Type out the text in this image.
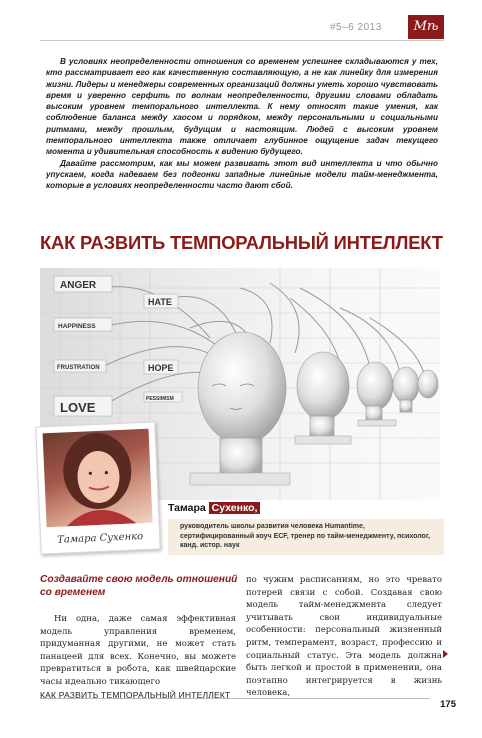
#5–6 2013	Мѣ

В условиях неопределенности отношения со временем успешнее складываются у тех, кто рассматривает его как качественную составляющую, а не как линейку для измерения жизни. Лидеры и менеджеры современных организаций должны уметь хорошо чувствовать время и уверенно серфить по волнам неопределенности, другими словами обладать высоким уровнем темпорального интеллекта. К нему относят такие умения, как соблюдение баланса между хаосом и порядком, между персональными и социальными ритмами, между прошлым, будущим и настоящим. Людей с высоким уровнем темпорального интеллекта также отличает глубинное ощущение задач текущего момента и удивительная способность к видению будущего.

Давайте рассмотрим, как мы можем развивать этот вид интеллекта и что обычно упускаем, когда надеваем без подгонки западные линейные модели тайм-менеджмента, которые в условиях неопределенности часто дают сбой.

КАК РАЗВИТЬ ТЕМПОРАЛЬНЫЙ ИНТЕЛЛЕКТ
ANGER
HAPPINESS
FRUSTRATION
LOVE
HATE
HOPE
PESSIMISM
Тамара Сухенко
Тамара Сухенко,
руководитель школы развития человека Humantime, сертифицированный коуч ECF, тренер по тайм-менеджменту, психолог, канд. истор. наук
Создавайте свою модель отношений со временем
Ни одна, даже самая эффективная модель управления временем, придуманная другими, не может стать панацеей для всех. Конечно, вы можете превратиться в робота, как швейцарские часы идеально тикающего
по чужим расписаниям, но это чревато потерей связи с собой. Создавая свою модель тайм-менеджмента следует учитывать свои индивидуальные особенности: персональный жизненный ритм, темперамент, возраст, профессию и социальный статус. Эта модель должна быть легкой и простой в применении, она поэтапно интегрируется в жизнь человека,
КАК РАЗВИТЬ ТЕМПОРАЛЬНЫЙ ИНТЕЛЛЕКТ
175
